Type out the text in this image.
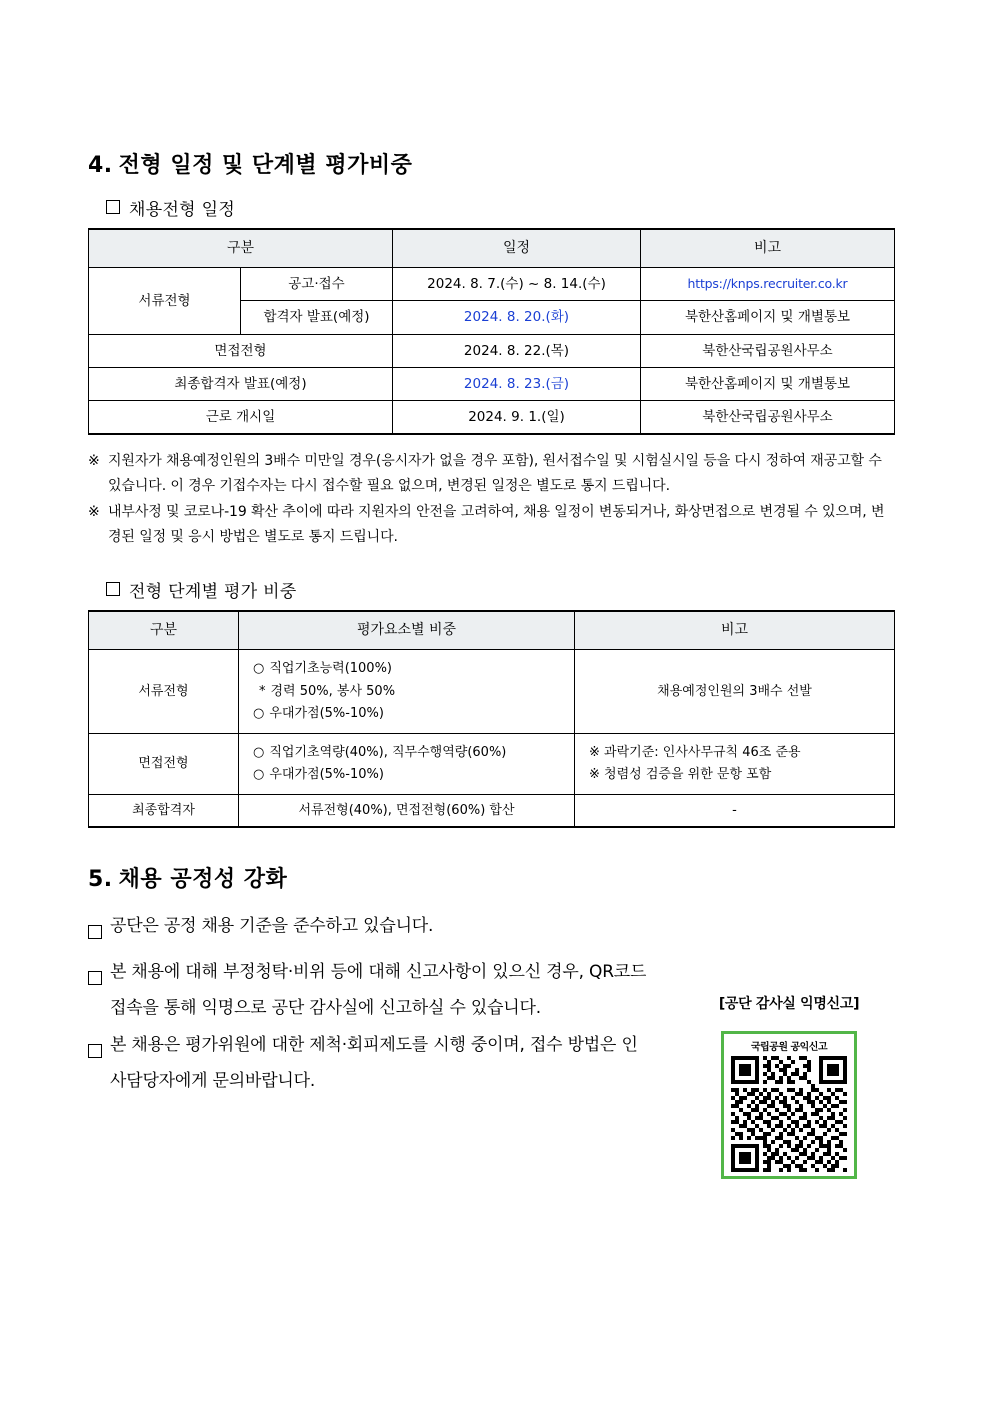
4. 전형 일정 및 단계별 평가비중
채용전형 일정
구분		일정	비고
서류전형	공고·접수	2024. 8. 7.(수) ~ 8. 14.(수)	https://knps.recruiter.co.kr
	합격자 발표(예정)	2024. 8. 20.(화)	북한산홈페이지 및 개별통보
면접전형		2024. 8. 22.(목)	북한산국립공원사무소
최종합격자 발표(예정)		2024. 8. 23.(금)	북한산홈페이지 및 개별통보
근로 개시일		2024. 9. 1.(일)	북한산국립공원사무소
※ 지원자가 채용예정인원의 3배수 미만일 경우(응시자가 없을 경우 포함), 원서접수일 및 시험실시일 등을 다시 정하여 재공고할 수 있습니다. 이 경우 기접수자는 다시 접수할 필요 없으며, 변경된 일정은 별도로 통지 드립니다.
※ 내부사정 및 코로나-19 확산 추이에 따라 지원자의 안전을 고려하여, 채용 일정이 변동되거나, 화상면접으로 변경될 수 있으며, 변경된 일정 및 응시 방법은 별도로 통지 드립니다.
전형 단계별 평가 비중
구분	평가요소별 비중	비고
서류전형	○ 직업기초능력(100%)
* 경력 50%, 봉사 50%
○ 우대가점(5%-10%)	채용예정인원의 3배수 선발
면접전형	○ 직업기초역량(40%), 직무수행역량(60%)
○ 우대가점(5%-10%)	※ 과락기준: 인사사무규칙 46조 준용
※ 청렴성 검증을 위한 문항 포함

최종합격자	서류전형(40%), 면접전형(60%) 합산	-
5. 채용 공정성 강화
공단은 공정 채용 기준을 준수하고 있습니다.
본 채용에 대해 부정청탁·비위 등에 대해 신고사항이 있으신 경우, QR코드 접속을 통해 익명으로 공단 감사실에 신고하실 수 있습니다.
본 채용은 평가위원에 대한 제척·회피제도를 시행 중이며, 접수 방법은 인사담당자에게 문의바랍니다.
[공단 감사실 익명신고]
국립공원 공익신고
